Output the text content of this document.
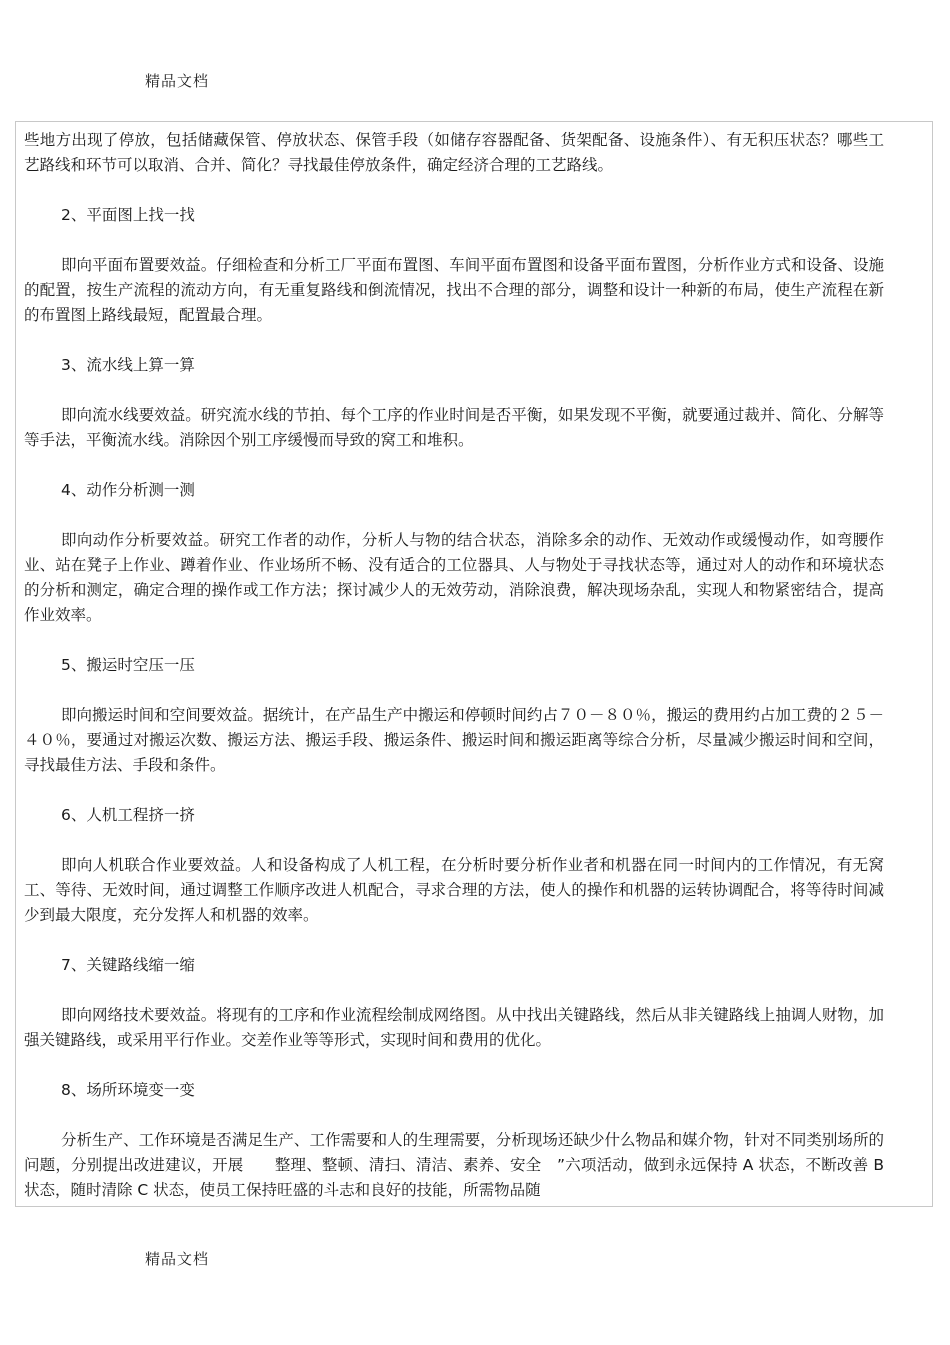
精品文档

些地方出现了停放，包括储藏保管、停放状态、保管手段（如储存容器配备、货架配备、设施条件）、有无积压状态？哪些工艺路线和环节可以取消、合并、简化？寻找最佳停放条件，确定经济合理的工艺路线。

2、平面图上找一找

即向平面布置要效益。仔细检查和分析工厂平面布置图、车间平面布置图和设备平面布置图，分析作业方式和设备、设施的配置，按生产流程的流动方向，有无重复路线和倒流情况，找出不合理的部分，调整和设计一种新的布局，使生产流程在新的布置图上路线最短，配置最合理。

3、流水线上算一算

即向流水线要效益。研究流水线的节拍、每个工序的作业时间是否平衡，如果发现不平衡，就要通过裁并、简化、分解等等手法，平衡流水线。消除因个别工序缓慢而导致的窝工和堆积。

4、动作分析测一测

即向动作分析要效益。研究工作者的动作，分析人与物的结合状态，消除多余的动作、无效动作或缓慢动作，如弯腰作业、站在凳子上作业、蹲着作业、作业场所不畅、没有适合的工位器具、人与物处于寻找状态等，通过对人的动作和环境状态的分析和测定，确定合理的操作或工作方法；探讨减少人的无效劳动，消除浪费，解决现场杂乱，实现人和物紧密结合，提高作业效率。

5、搬运时空压一压

即向搬运时间和空间要效益。据统计，在产品生产中搬运和停顿时间约占７０－８０％，搬运的费用约占加工费的２５－４０％，要通过对搬运次数、搬运方法、搬运手段、搬运条件、搬运时间和搬运距离等综合分析，尽量减少搬运时间和空间，寻找最佳方法、手段和条件。

6、人机工程挤一挤

即向人机联合作业要效益。人和设备构成了人机工程，在分析时要分析作业者和机器在同一时间内的工作情况，有无窝工、等待、无效时间，通过调整工作顺序改进人机配合，寻求合理的方法，使人的操作和机器的运转协调配合，将等待时间减少到最大限度，充分发挥人和机器的效率。

7、关键路线缩一缩

即向网络技术要效益。将现有的工序和作业流程绘制成网络图。从中找出关键路线，然后从非关键路线上抽调人财物，加强关键路线，或采用平行作业。交差作业等等形式，实现时间和费用的优化。

8、场所环境变一变

分析生产、工作环境是否满足生产、工作需要和人的生理需要，分析现场还缺少什么物品和媒介物，针对不同类别场所的问题，分别提出改进建议，开展　　整理、整顿、清扫、清洁、素养、安全　”六项活动，做到永远保持 A 状态，不断改善 B 状态，随时清除 C 状态，使员工保持旺盛的斗志和良好的技能，所需物品随

精品文档
